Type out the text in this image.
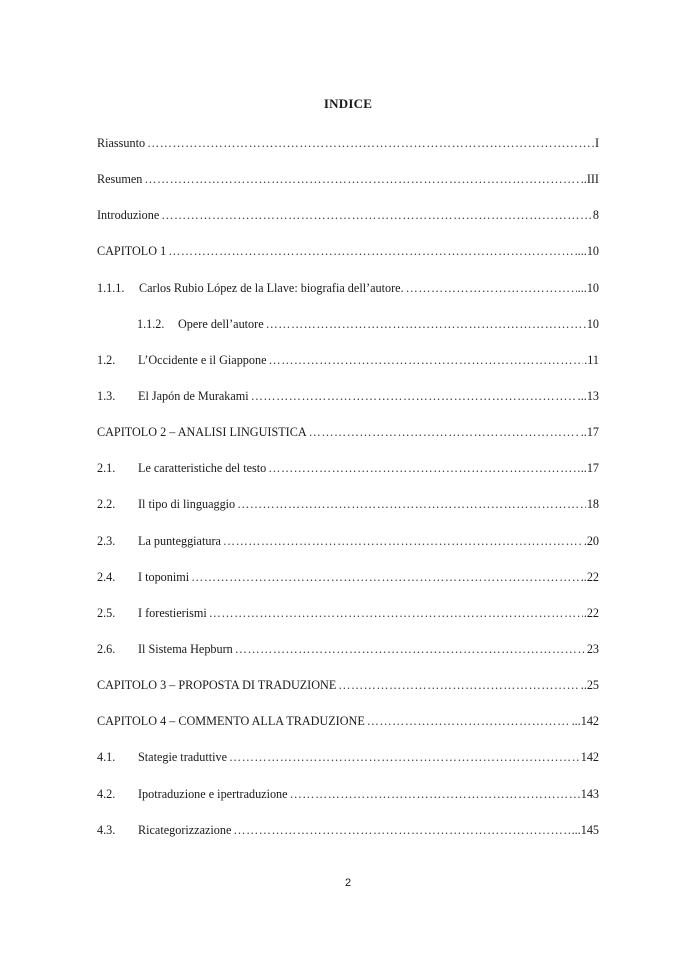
INDICE
Riassunto …………………………………………………………………………………………………………………………………………………………	I
Resumen …………………………………………………………………………………………………………………………………………………………	..III
Introduzione …………………………………………………………………………………………………………………………………………………………	8
CAPITOLO 1 …………………………………………………………………………………………………………………………………………………………	...10
1.1.1.	Carlos Rubio López de la Llave: biografia dell’autore. …………………………………………………………………………………………………………………………………………………………	...10
1.1.2.	Opere dell’autore …………………………………………………………………………………………………………………………………………………………	10
1.2.	L’Occidente e il Giappone …………………………………………………………………………………………………………………………………………………………	.11
1.3.	El Japón de Murakami …………………………………………………………………………………………………………………………………………………………	...13
CAPITOLO 2 – ANALISI LINGUISTICA …………………………………………………………………………………………………………………………………………………………	..17
2.1.	Le caratteristiche del testo …………………………………………………………………………………………………………………………………………………………	..17
2.2.	Il tipo di linguaggio …………………………………………………………………………………………………………………………………………………………	18
2.3.	La punteggiatura …………………………………………………………………………………………………………………………………………………………	.20
2.4.	I toponimi …………………………………………………………………………………………………………………………………………………………	..22
2.5.	I forestierismi …………………………………………………………………………………………………………………………………………………………	.22
2.6.	Il Sistema Hepburn …………………………………………………………………………………………………………………………………………………………	23
CAPITOLO 3 – PROPOSTA DI TRADUZIONE …………………………………………………………………………………………………………………………………………………………	..25
CAPITOLO 4 – COMMENTO ALLA TRADUZIONE …………………………………………………………………………………………………………………………………………………………	...142
4.1.	Stategie traduttive …………………………………………………………………………………………………………………………………………………………	142
4.2.	Ipotraduzione e ipertraduzione …………………………………………………………………………………………………………………………………………………………	143
4.3.	Ricategorizzazione …………………………………………………………………………………………………………………………………………………………	...145
2
